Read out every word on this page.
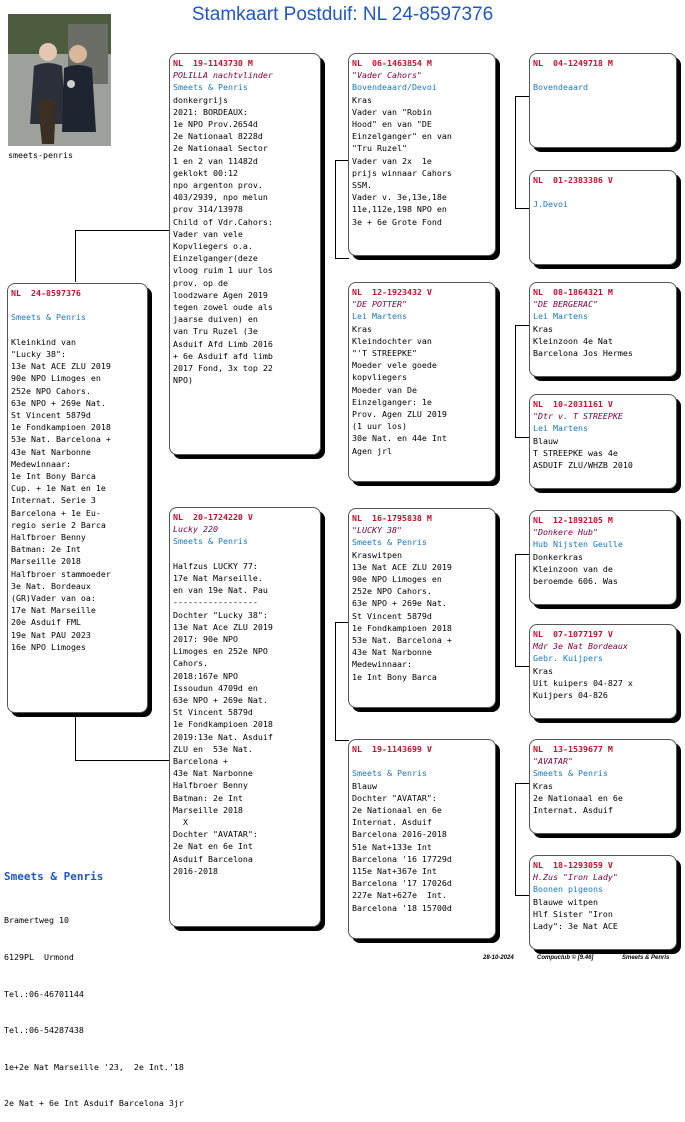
Stamkaart Postduif: NL 24-8597376
smeets-penris
NL  24-8597376
Smeets & Penris
Kleinkind van
"Lucky 38":
13e Nat ACE ZLU 2019
90e NPO Limoges en
252e NPO Cahors.
63e NPO + 269e Nat.
St Vincent 5879d
1e Fondkampioen 2018
53e Nat. Barcelona +
43e Nat Narbonne
Medewinnaar:
1e Int Bony Barca
Cup. + 1e Nat en 1e
Internat. Serie 3
Barcelona + 1e Eu-
regio serie 2 Barca
Halfbroer Benny
Batman: 2e Int
Marseille 2018
Halfbroer stammoeder
3e Nat. Bordeaux
(GR)Vader van oa:
17e Nat Marseille
20e Asduif FML
19e Nat PAU 2023
16e NPO Limoges
NL  19-1143730 M
POLILLA nachtvlinder
Smeets & Penris
donkergrijs
2021: BORDEAUX:
1e NPO Prov.2654d
2e Nationaal 8228d
2e Nationaal Sector
1 en 2 van 11482d
geklokt 00:12
npo argenton prov.
403/2939, npo melun
prov 314/13978
Child of Vdr.Cahors:
Vader van vele
Kopvliegers o.a.
Einzelganger(deze
vloog ruim 1 uur los
prov. op de
loodzware Agen 2019
tegen zowel oude als
jaarse duiven) en
van Tru Ruzel (3e
Asduif Afd Limb 2016
+ 6e Asduif afd limb
2017 Fond, 3x top 22
NPO)
NL  20-1724220 V
Lucky 220
Smeets & Penris
Halfzus LUCKY 77:
17e Nat Marseille.
en van 19e Nat. Pau
-----------------
Dochter "Lucky 38":
13e Nat Ace ZLU 2019
2017: 90e NPO
Limoges en 252e NPO
Cahors.
2018:167e NPO
Issoudun 4709d en
63e NPO + 269e Nat.
St Vincent 5879d
1e Fondkampioen 2018
2019:13e Nat. Asduif
ZLU en  53e Nat.
Barcelona +
43e Nat Narbonne
Halfbroer Benny
Batman: 2e Int
Marseille 2018
X
Dochter "AVATAR":
2e Nat en 6e Int
Asduif Barcelona
2016-2018
NL  06-1463854 M
"Vader Cahors"
Bovendeaard/Devoi
Kras
Vader van "Robin
Hood" en van "DE
Einzelganger" en van
"Tru Ruzel"
Vader van 2x  1e
prijs winnaar Cahors
SSM.
Vader v. 3e,13e,18e
11e,112e,198 NPO en
3e + 6e Grote Fond
NL  12-1923432 V
"DE POTTER"
Lei Martens
Kras
Kleindochter van
"'T STREEPKE"
Moeder vele goede
kopvliegers
Moeder van De
Einzelganger: 1e
Prov. Agen ZLU 2019
(1 uur los)
30e Nat. en 44e Int
Agen jrl
NL  16-1795838 M
"LUCKY 38"
Smeets & Penris
Kraswitpen
13e Nat ACE ZLU 2019
90e NPO Limoges en
252e NPO Cahors.
63e NPO + 269e Nat.
St Vincent 5879d
1e Fondkampioen 2018
53e Nat. Barcelona +
43e Nat Narbonne
Medewinnaar:
1e Int Bony Barca
NL  19-1143699 V
Smeets & Penris
Blauw
Dochter "AVATAR":
2e Nationaal en 6e
Internat. Asduif
Barcelona 2016-2018
51e Nat+133e Int
Barcelona '16 17729d
115e Nat+367e Int
Barcelona '17 17026d
227e Nat+627e  Int.
Barcelona '18 15700d
NL  04-1249718 M
Bovendeaard
NL  01-2383386 V
J.Devoi
NL  08-1864321 M
"DE BERGERAC"
Lei Martens
Kras
Kleinzoon 4e Nat
Barcelona Jos Hermes
NL  10-2031161 V
"Dtr v. T STREEPKE
Lei Martens
Blauw
T STREEPKE was 4e
ASDUIF ZLU/WHZB 2010
NL  12-1892105 M
"Donkere Hub"
Hub Nijsten Geulle
Donkerkras
Kleinzoon van de
beroemde 606. Was
NL  07-1077197 V
Mdr 3e Nat Bordeaux
Gebr. Kuijpers
Kras
Uit kuipers 04-827 x
Kuijpers 04-826
NL  13-1539677 M
"AVATAR"
Smeets & Penris
Kras
2e Nationaal en 6e
Internat. Asduif
NL  18-1293059 V
H.Zus "Iron Lady"
Boonen pigeons
Blauwe witpen
Hlf Sister "Iron
Lady": 3e Nat ACE
Smeets & Penris

Bramertweg 10

6129PL  Urmond

Tel.:06-46701144

Tel.:06-54287438

1e+2e Nat Marseille '23,  2e Int.'18

2e Nat + 6e Int Asduif Barcelona 3jr

28-10-2024	Compuclub © [9.46]	Smeets & Penris
